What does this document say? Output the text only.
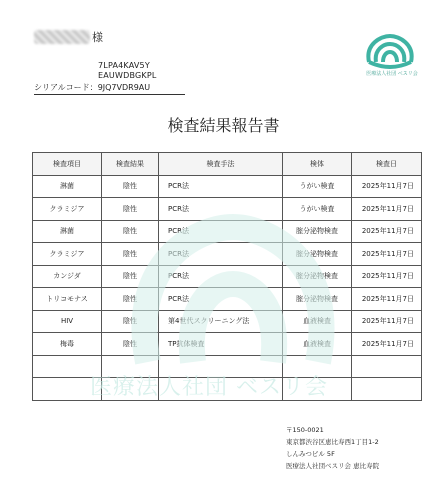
様
7LPA4KAV5Y
EAUWDBGKPL
シリアルコード：9JQ7VDR9AU
医療法人社団 ベスリ会
検査結果報告書
医療法人社団 ベスリ会
検査項目	検査結果	検査手法	検体	検査日
淋菌	陰性	PCR法	うがい検査	2025年11月7日
クラミジア	陰性	PCR法	うがい検査	2025年11月7日
淋菌	陰性	PCR法	腟分泌物検査	2025年11月7日
クラミジア	陰性	PCR法	腟分泌物検査	2025年11月7日
カンジダ	陰性	PCR法	腟分泌物検査	2025年11月7日
トリコモナス	陰性	PCR法	腟分泌物検査	2025年11月7日
HIV	陰性	第4世代スクリーニング法	血液検査	2025年11月7日
梅毒	陰性	TP抗体検査	血液検査	2025年11月7日

〒150-0021
東京都渋谷区恵比寿西1丁目1-2
しんみつビル 5F
医療法人社団ベスリ会 恵比寿院
